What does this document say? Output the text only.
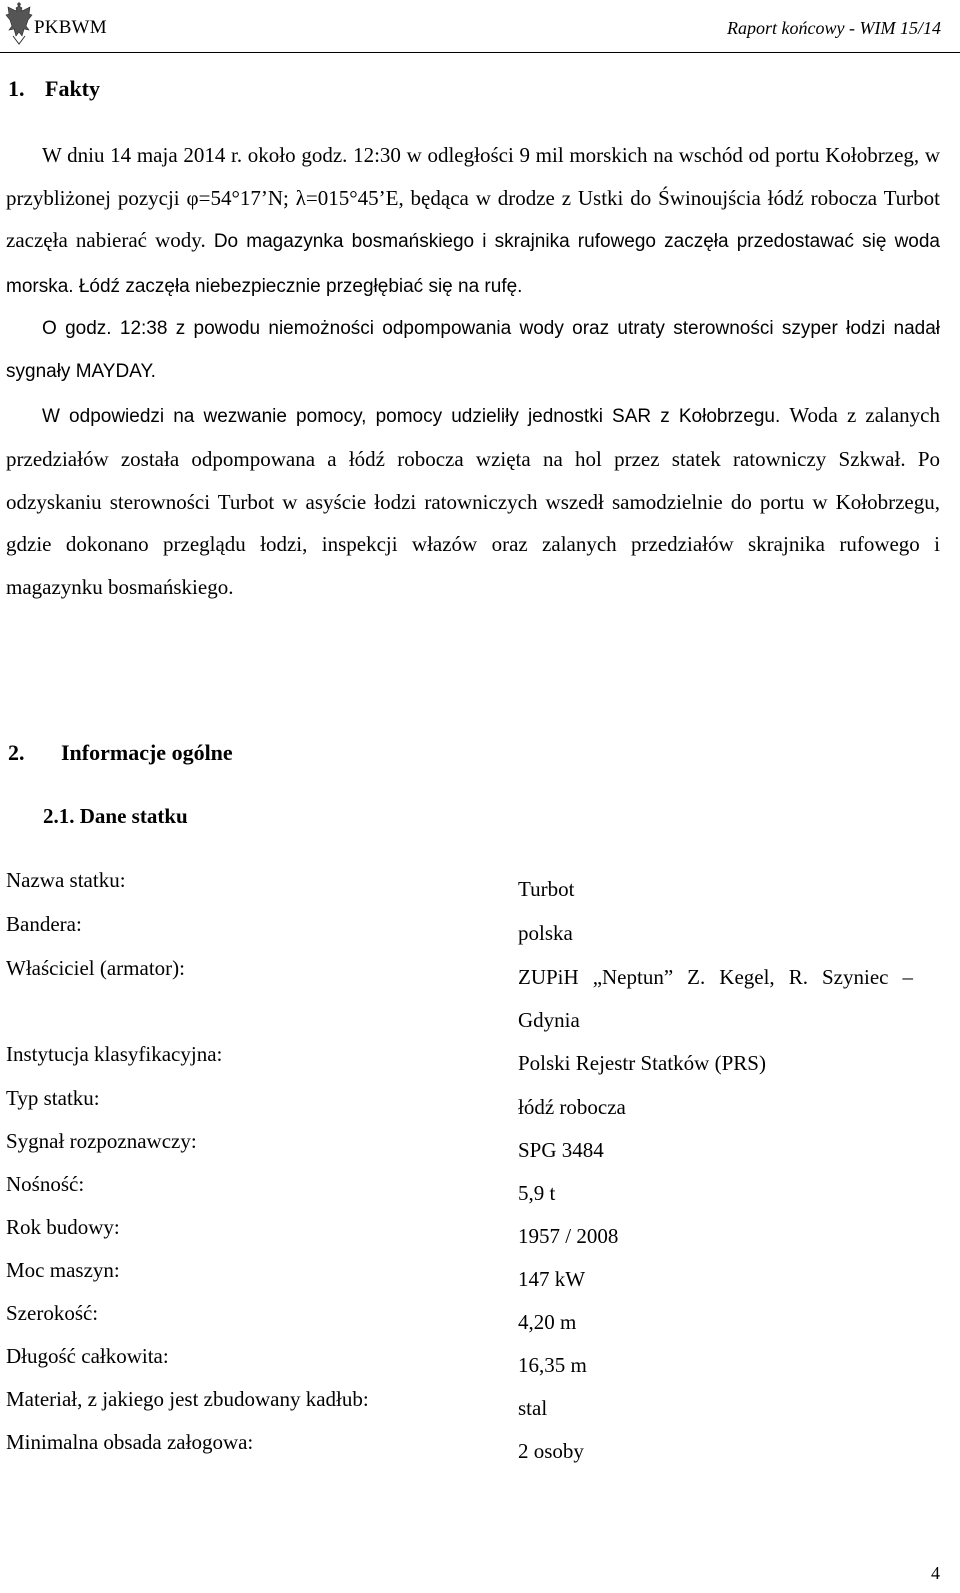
PKBWM	Raport końcowy - WIM 15/14
1. Fakty

W dniu 14 maja 2014 r. około godz. 12:30 w odległości 9 mil morskich na wschód od portu Kołobrzeg, w przybliżonej pozycji φ=54°17’N; λ=015°45’E, będąca w drodze z Ustki do Świnoujścia łódź robocza Turbot zaczęła nabierać wody. Do magazynka bosmańskiego i skrajnika rufowego zaczęła przedostawać się woda morska. Łódź zaczęła niebezpiecznie przegłębiać się na rufę.

O godz. 12:38 z powodu niemożności odpompowania wody oraz utraty sterowności szyper łodzi nadał sygnały MAYDAY.

W odpowiedzi na wezwanie pomocy, pomocy udzieliły jednostki SAR z Kołobrzegu. Woda z zalanych przedziałów została odpompowana a łódź robocza wzięta na hol przez statek ratowniczy Szkwał. Po odzyskaniu sterowności Turbot w asyście łodzi ratowniczych wszedł samodzielnie do portu w Kołobrzegu, gdzie dokonano przeglądu łodzi, inspekcji włazów oraz zalanych przedziałów skrajnika rufowego i magazynku bosmańskiego.

2. Informacje ogólne
2.1. Dane statku
Nazwa statku:	Turbot
Bandera:	polska
Właściciel (armator):	ZUPiH „Neptun” Z. Kegel, R. Szyniec – Gdynia
Instytucja klasyfikacyjna:	Polski Rejestr Statków (PRS)
Typ statku:	łódź robocza
Sygnał rozpoznawczy:	SPG 3484
Nośność:	5,9 t
Rok budowy:	1957 / 2008
Moc maszyn:	147 kW
Szerokość:	4,20 m
Długość całkowita:	16,35 m
Materiał, z jakiego jest zbudowany kadłub:	stal
Minimalna obsada załogowa:	2 osoby
4
